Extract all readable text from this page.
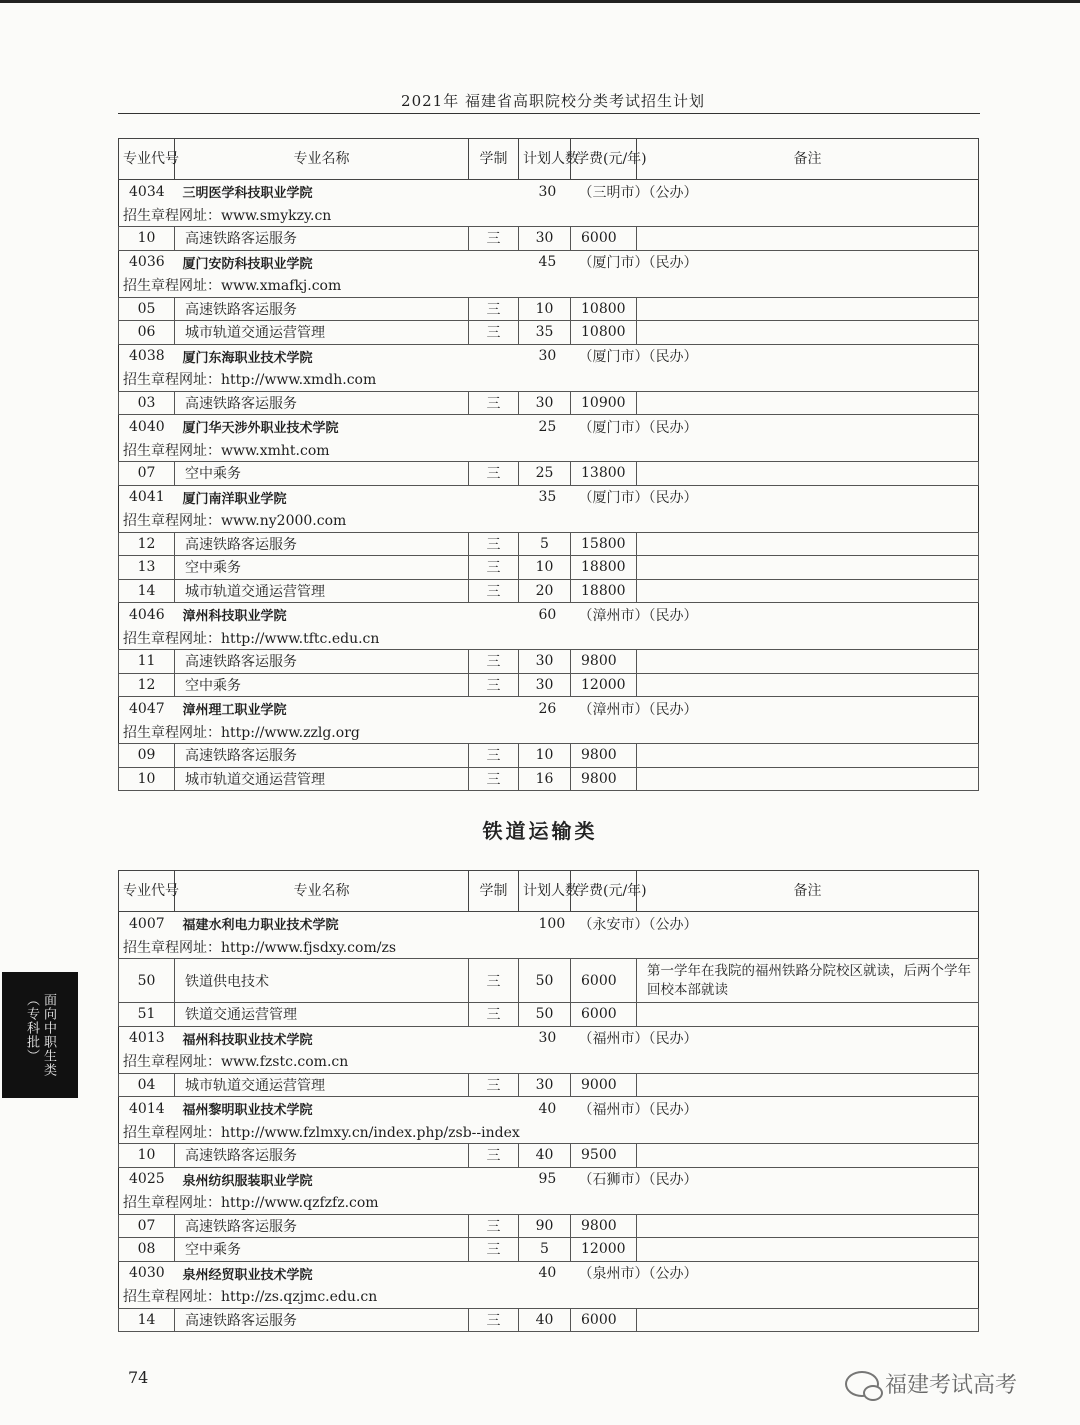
2021年 福建省高职院校分类考试招生计划
专业代号	专业名称	学制	计划人数	学费(元/年)	备注
4034	三明医学科技职业学院		30	（三明市）（公办）	
招生章程网址：www.smykzy.cn					
10	高速铁路客运服务	三	30	6000	
4036	厦门安防科技职业学院		45	（厦门市）（民办）	
招生章程网址：www.xmafkj.com					
05	高速铁路客运服务	三	10	10800	
06	城市轨道交通运营管理	三	35	10800	
4038	厦门东海职业技术学院		30	（厦门市）（民办）	
招生章程网址：http://www.xmdh.com					
03	高速铁路客运服务	三	30	10900	
4040	厦门华天涉外职业技术学院		25	（厦门市）（民办）	
招生章程网址：www.xmht.com					
07	空中乘务	三	25	13800	
4041	厦门南洋职业学院		35	（厦门市）（民办）	
招生章程网址：www.ny2000.com					
12	高速铁路客运服务	三	5	15800	
13	空中乘务	三	10	18800	
14	城市轨道交通运营管理	三	20	18800	
4046	漳州科技职业学院		60	（漳州市）（民办）	
招生章程网址：http://www.tftc.edu.cn					
11	高速铁路客运服务	三	30	9800	
12	空中乘务	三	30	12000	
4047	漳州理工职业学院		26	（漳州市）（民办）	
招生章程网址：http://www.zzlg.org					
09	高速铁路客运服务	三	10	9800	
10	城市轨道交通运营管理	三	16	9800	
铁道运输类
专业代号	专业名称	学制	计划人数	学费(元/年)	备注
4007	福建水利电力职业技术学院		100	（永安市）（公办）	
招生章程网址：http://www.fjsdxy.com/zs					
50	铁道供电技术	三	50	6000	第一学年在我院的福州铁路分院校区就读，后两个学年回校本部就读
51	铁道交通运营管理	三	50	6000	
4013	福州科技职业技术学院		30	（福州市）（民办）	
招生章程网址：www.fzstc.com.cn					
04	城市轨道交通运营管理	三	30	9000	
4014	福州黎明职业技术学院		40	（福州市）（民办）	
招生章程网址：http://www.fzlmxy.cn/index.php/zsb--index					
10	高速铁路客运服务	三	40	9500	
4025	泉州纺织服装职业学院		95	（石狮市）（民办）	
招生章程网址：http://www.qzfzfz.com					
07	高速铁路客运服务	三	90	9800	
08	空中乘务	三	5	12000	
4030	泉州经贸职业技术学院		40	（泉州市）（公办）	
招生章程网址：http://zs.qzjmc.edu.cn					
14	高速铁路客运服务	三	40	6000	
面向中职生类
（专科批）
74	福建考试高考
